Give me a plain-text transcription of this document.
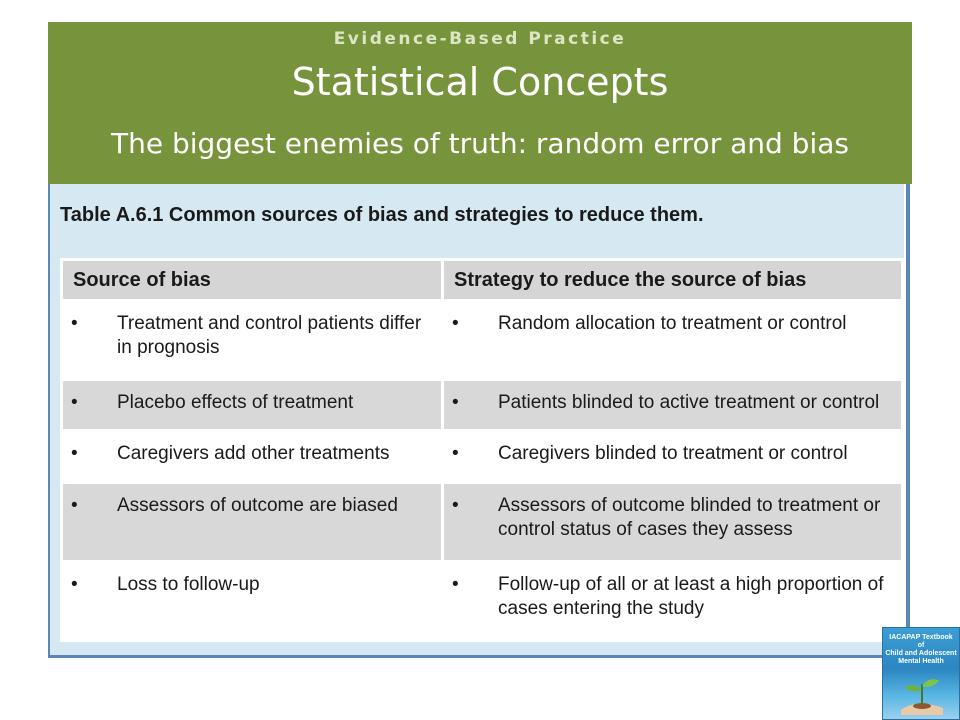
Evidence-Based Practice
Statistical Concepts
The biggest enemies of truth: random error and bias
Table A.6.1 Common sources of bias and strategies to reduce them.
Source of bias	Strategy to reduce the source of bias

• Treatment and control patients differ in prognosis	• Random allocation to treatment or control

• Placebo effects of treatment	• Patients blinded to active treatment or control

• Caregivers add other treatments	• Caregivers blinded to treatment or control

• Assessors of outcome are biased	• Assessors of outcome blinded to treatment or control status of cases they assess

• Loss to follow-up	• Follow-up of all or at least a high proportion of cases entering the study
IACAPAP Textbook
of
Child and Adolescent
Mental Health
